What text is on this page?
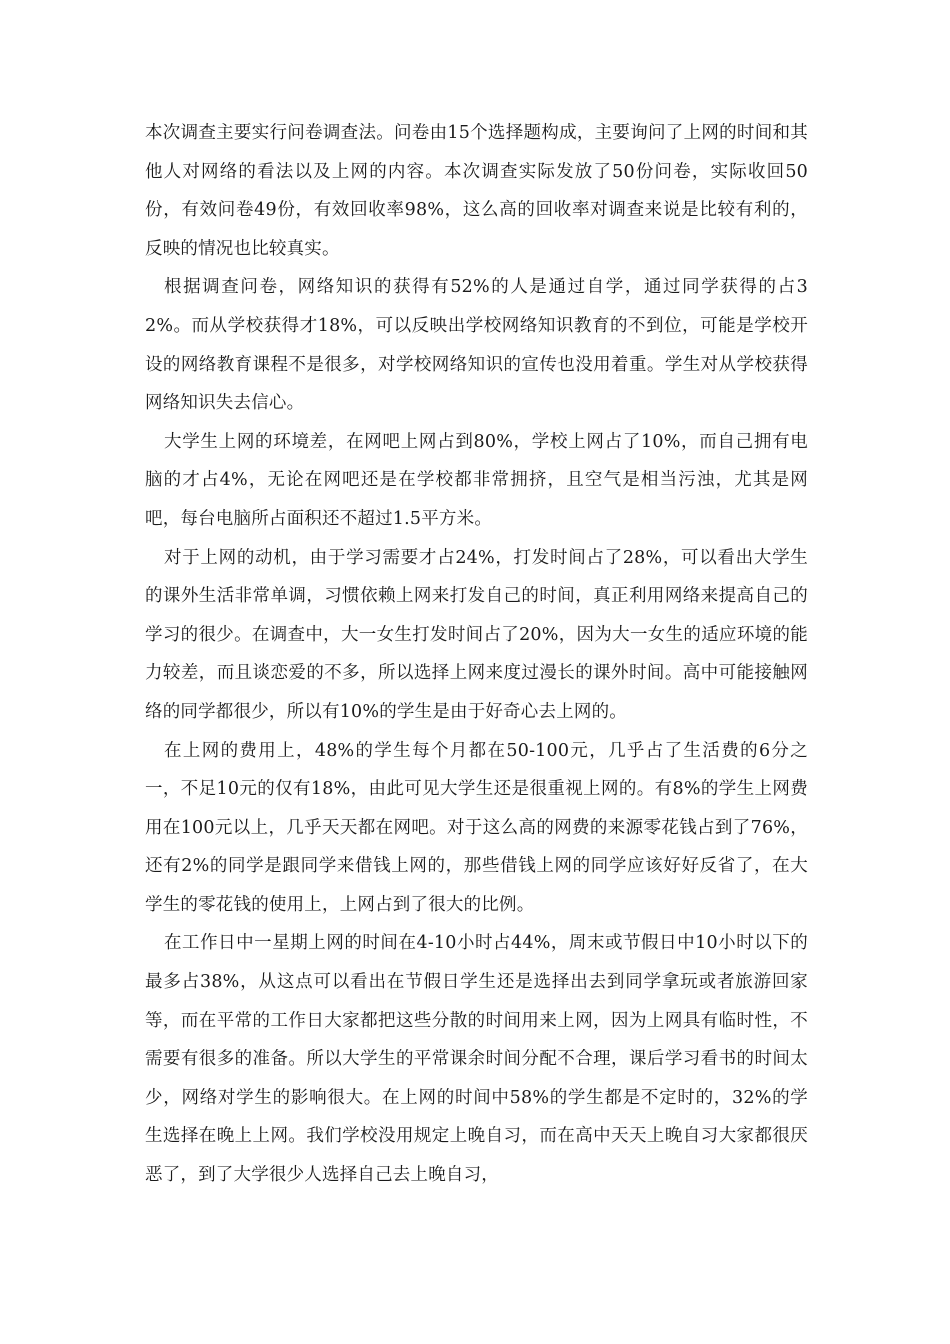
本次调查主要实行问卷调查法。问卷由15个选择题构成，主要询问了上网的时间和其他人对网络的看法以及上网的内容。本次调查实际发放了50份问卷，实际收回50份，有效问卷49份，有效回收率98%，这么高的回收率对调查来说是比较有利的，反映的情况也比较真实。

根据调查问卷，网络知识的获得有52%的人是通过自学，通过同学获得的占32%。而从学校获得才18%，可以反映出学校网络知识教育的不到位，可能是学校开设的网络教育课程不是很多，对学校网络知识的宣传也没用着重。学生对从学校获得网络知识失去信心。

大学生上网的环境差，在网吧上网占到80%，学校上网占了10%，而自己拥有电脑的才占4%，无论在网吧还是在学校都非常拥挤，且空气是相当污浊，尤其是网吧，每台电脑所占面积还不超过1.5平方米。

对于上网的动机，由于学习需要才占24%，打发时间占了28%，可以看出大学生的课外生活非常单调，习惯依赖上网来打发自己的时间，真正利用网络来提高自己的学习的很少。在调查中，大一女生打发时间占了20%，因为大一女生的适应环境的能力较差，而且谈恋爱的不多，所以选择上网来度过漫长的课外时间。高中可能接触网络的同学都很少，所以有10%的学生是由于好奇心去上网的。

在上网的费用上，48%的学生每个月都在50-100元，几乎占了生活费的6分之一，不足10元的仅有18%，由此可见大学生还是很重视上网的。有8%的学生上网费用在100元以上，几乎天天都在网吧。对于这么高的网费的来源零花钱占到了76%，还有2%的同学是跟同学来借钱上网的，那些借钱上网的同学应该好好反省了，在大学生的零花钱的使用上，上网占到了很大的比例。

在工作日中一星期上网的时间在4-10小时占44%，周末或节假日中10小时以下的最多占38%，从这点可以看出在节假日学生还是选择出去到同学拿玩或者旅游回家等，而在平常的工作日大家都把这些分散的时间用来上网，因为上网具有临时性，不需要有很多的准备。所以大学生的平常课余时间分配不合理，课后学习看书的时间太少，网络对学生的影响很大。在上网的时间中58%的学生都是不定时的，32%的学生选择在晚上上网。我们学校没用规定上晚自习，而在高中天天上晚自习大家都很厌恶了，到了大学很少人选择自己去上晚自习，
